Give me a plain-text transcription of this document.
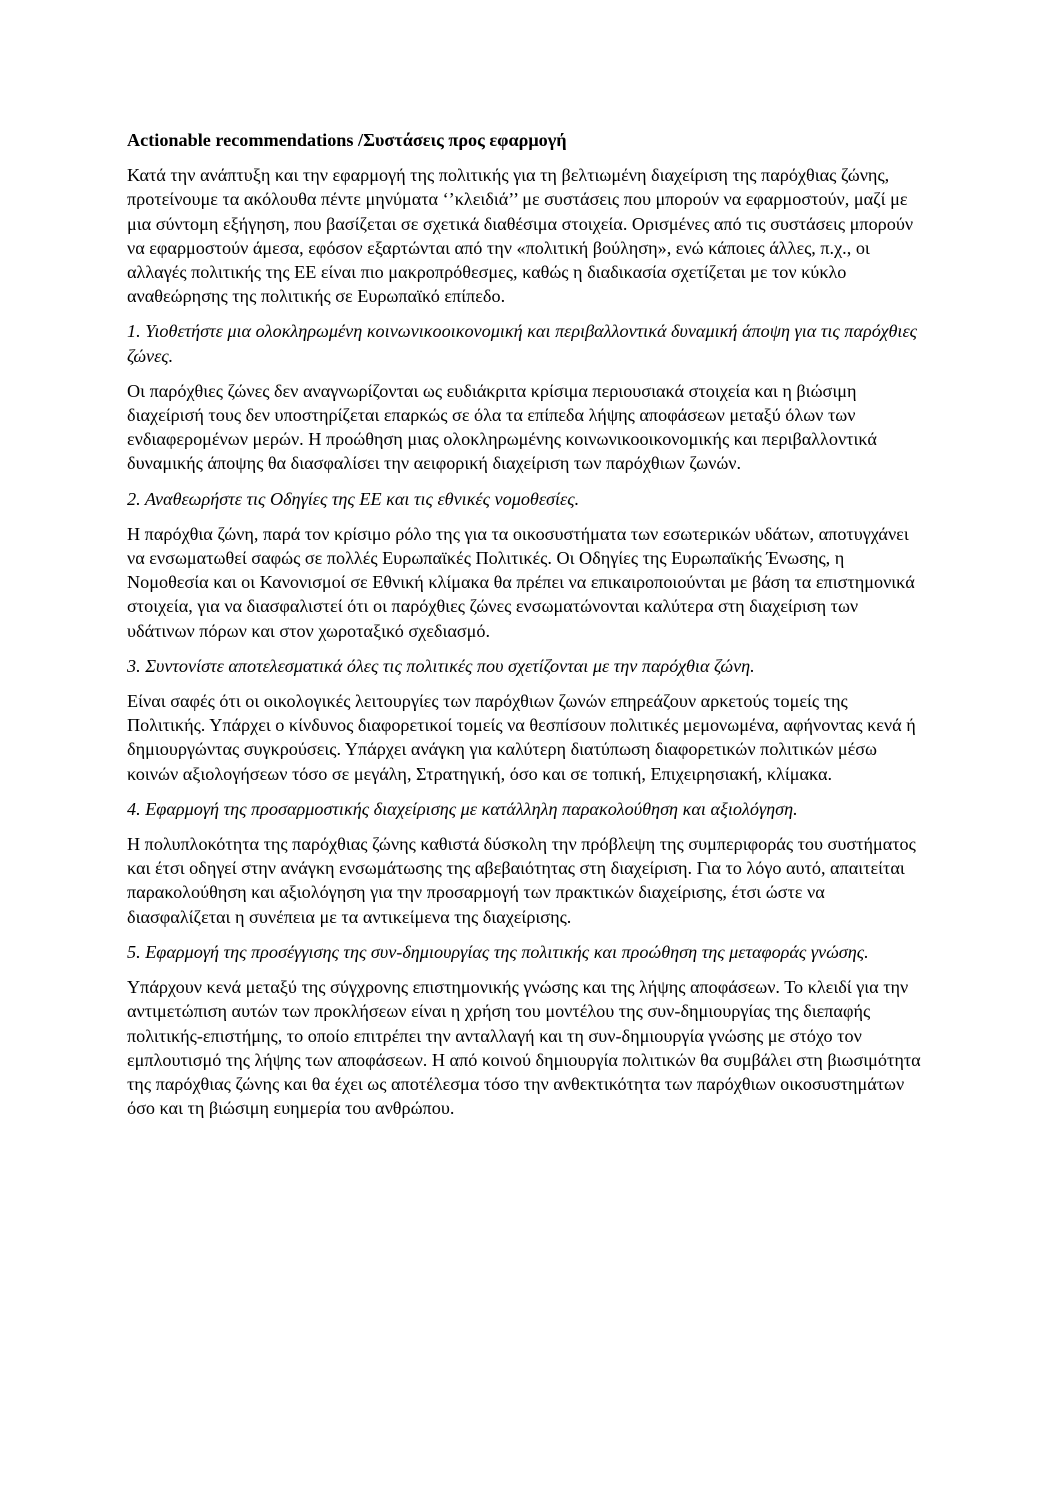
Actionable recommendations /Συστάσεις προς εφαρμογή
Κατά την ανάπτυξη και την εφαρμογή της πολιτικής για τη βελτιωμένη διαχείριση της παρόχθιας ζώνης, προτείνουμε τα ακόλουθα πέντε μηνύματα ‘’κλειδιά’’ με συστάσεις που μπορούν να εφαρμοστούν, μαζί με μια σύντομη εξήγηση, που βασίζεται σε σχετικά διαθέσιμα στοιχεία. Ορισμένες από τις συστάσεις μπορούν να εφαρμοστούν άμεσα, εφόσον εξαρτώνται από την «πολιτική βούληση», ενώ κάποιες άλλες, π.χ., οι αλλαγές πολιτικής της ΕΕ είναι πιο μακροπρόθεσμες, καθώς η διαδικασία σχετίζεται με τον κύκλο αναθεώρησης της πολιτικής σε Ευρωπαϊκό επίπεδο.
1. Υιοθετήστε μια ολοκληρωμένη κοινωνικοοικονομική και περιβαλλοντικά δυναμική άποψη για τις παρόχθιες ζώνες.
Οι παρόχθιες ζώνες δεν αναγνωρίζονται ως ευδιάκριτα κρίσιμα περιουσιακά στοιχεία και η βιώσιμη διαχείρισή τους δεν υποστηρίζεται επαρκώς σε όλα τα επίπεδα λήψης αποφάσεων μεταξύ όλων των ενδιαφερομένων μερών. Η προώθηση μιας ολοκληρωμένης κοινωνικοοικονομικής και περιβαλλοντικά δυναμικής άποψης θα διασφαλίσει την αειφορική διαχείριση των παρόχθιων ζωνών.
2. Αναθεωρήστε τις Οδηγίες της ΕΕ και τις εθνικές νομοθεσίες.
Η παρόχθια ζώνη, παρά τον κρίσιμο ρόλο της για τα οικοσυστήματα των εσωτερικών υδάτων, αποτυγχάνει να ενσωματωθεί σαφώς σε πολλές Ευρωπαϊκές Πολιτικές. Οι Οδηγίες της Ευρωπαϊκής Ένωσης, η Νομοθεσία και οι Κανονισμοί σε Εθνική κλίμακα θα πρέπει να επικαιροποιούνται με βάση τα επιστημονικά στοιχεία, για να διασφαλιστεί ότι οι παρόχθιες ζώνες ενσωματώνονται καλύτερα στη διαχείριση των υδάτινων πόρων και στον χωροταξικό σχεδιασμό.
3. Συντονίστε αποτελεσματικά όλες τις πολιτικές που σχετίζονται με την παρόχθια ζώνη.
Είναι σαφές ότι οι οικολογικές λειτουργίες των παρόχθιων ζωνών επηρεάζουν αρκετούς τομείς της Πολιτικής. Υπάρχει ο κίνδυνος διαφορετικοί τομείς να θεσπίσουν πολιτικές μεμονωμένα, αφήνοντας κενά ή δημιουργώντας συγκρούσεις. Υπάρχει ανάγκη για καλύτερη διατύπωση διαφορετικών πολιτικών μέσω κοινών αξιολογήσεων τόσο σε μεγάλη, Στρατηγική, όσο και σε τοπική, Επιχειρησιακή, κλίμακα.
4. Εφαρμογή της προσαρμοστικής διαχείρισης με κατάλληλη παρακολούθηση και αξιολόγηση.
Η πολυπλοκότητα της παρόχθιας ζώνης καθιστά δύσκολη την πρόβλεψη της συμπεριφοράς του συστήματος και έτσι οδηγεί στην ανάγκη ενσωμάτωσης της αβεβαιότητας στη διαχείριση. Για το λόγο αυτό, απαιτείται παρακολούθηση και αξιολόγηση για την προσαρμογή των πρακτικών διαχείρισης, έτσι ώστε να διασφαλίζεται η συνέπεια με τα αντικείμενα της διαχείρισης.
5. Εφαρμογή της προσέγγισης της συν-δημιουργίας της πολιτικής και προώθηση της μεταφοράς γνώσης.
Υπάρχουν κενά μεταξύ της σύγχρονης επιστημονικής γνώσης και της λήψης αποφάσεων. Το κλειδί για την αντιμετώπιση αυτών των προκλήσεων είναι η χρήση του μοντέλου της συν-δημιουργίας της διεπαφής πολιτικής-επιστήμης, το οποίο επιτρέπει την ανταλλαγή και τη συν-δημιουργία γνώσης με στόχο τον εμπλουτισμό της λήψης των αποφάσεων. Η από κοινού δημιουργία πολιτικών θα συμβάλει στη βιωσιμότητα της παρόχθιας ζώνης και θα έχει ως αποτέλεσμα τόσο την ανθεκτικότητα των παρόχθιων οικοσυστημάτων όσο και τη βιώσιμη ευημερία του ανθρώπου.
